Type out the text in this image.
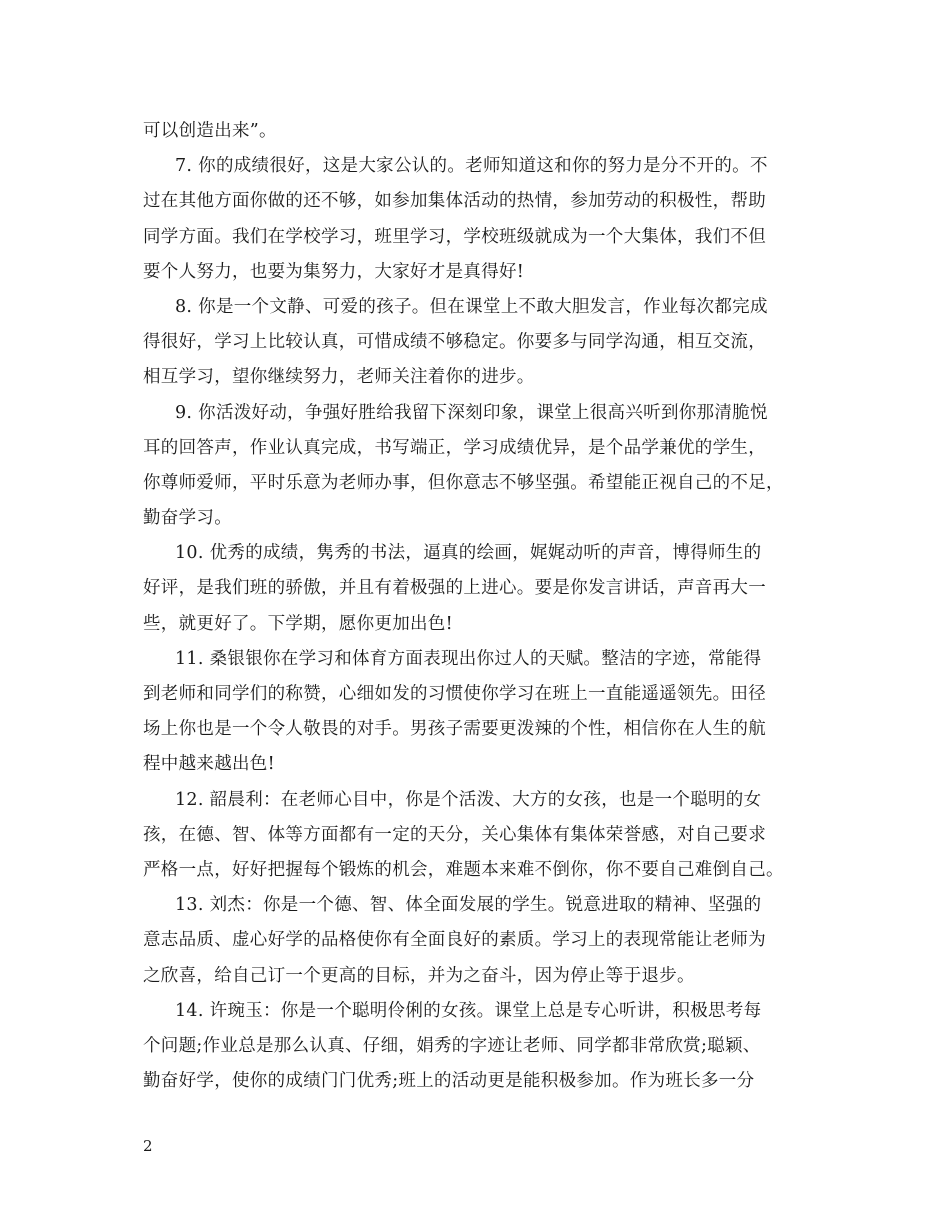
可以创造出来”。
7. 你的成绩很好，这是大家公认的。老师知道这和你的努力是分不开的。不
过在其他方面你做的还不够，如参加集体活动的热情，参加劳动的积极性，帮助
同学方面。我们在学校学习，班里学习，学校班级就成为一个大集体，我们不但
要个人努力，也要为集努力，大家好才是真得好!
8. 你是一个文静、可爱的孩子。但在课堂上不敢大胆发言，作业每次都完成
得很好，学习上比较认真，可惜成绩不够稳定。你要多与同学沟通，相互交流，
相互学习，望你继续努力，老师关注着你的进步。
9. 你活泼好动，争强好胜给我留下深刻印象，课堂上很高兴听到你那清脆悦
耳的回答声，作业认真完成，书写端正，学习成绩优异，是个品学兼优的学生，
你尊师爱师，平时乐意为老师办事，但你意志不够坚强。希望能正视自己的不足，
勤奋学习。
10. 优秀的成绩，隽秀的书法，逼真的绘画，娓娓动听的声音，博得师生的
好评，是我们班的骄傲，并且有着极强的上进心。要是你发言讲话，声音再大一
些，就更好了。下学期，愿你更加出色!
11. 桑银银你在学习和体育方面表现出你过人的天赋。整洁的字迹，常能得
到老师和同学们的称赞，心细如发的习惯使你学习在班上一直能遥遥领先。田径
场上你也是一个令人敬畏的对手。男孩子需要更泼辣的个性，相信你在人生的航
程中越来越出色!
12. 韶晨利：在老师心目中，你是个活泼、大方的女孩，也是一个聪明的女
孩，在德、智、体等方面都有一定的天分，关心集体有集体荣誉感，对自己要求
严格一点，好好把握每个锻炼的机会，难题本来难不倒你，你不要自己难倒自己。
13. 刘杰：你是一个德、智、体全面发展的学生。锐意进取的精神、坚强的
意志品质、虚心好学的品格使你有全面良好的素质。学习上的表现常能让老师为
之欣喜，给自己订一个更高的目标，并为之奋斗，因为停止等于退步。
14. 许琬玉：你是一个聪明伶俐的女孩。课堂上总是专心听讲，积极思考每
个问题;作业总是那么认真、仔细，娟秀的字迹让老师、同学都非常欣赏;聪颖、
勤奋好学，使你的成绩门门优秀;班上的活动更是能积极参加。作为班长多一分
2
